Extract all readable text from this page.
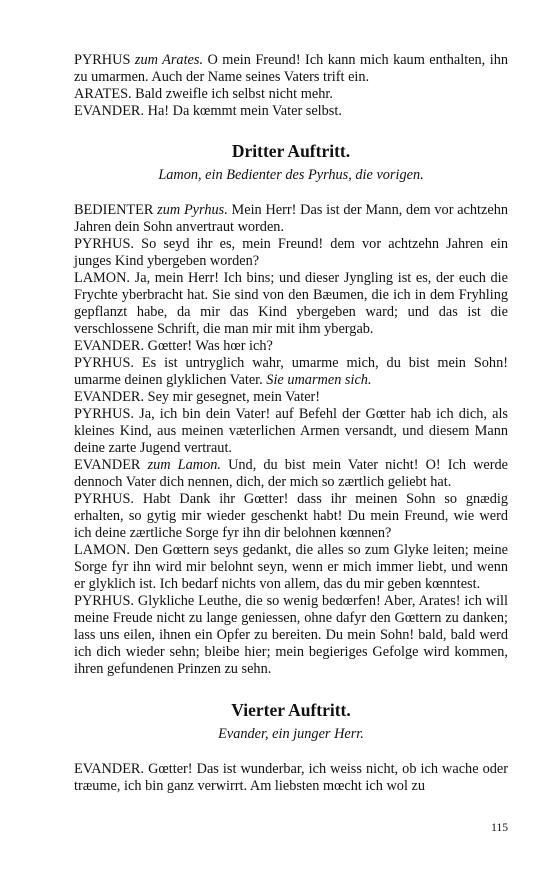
PYRHUS zum Arates. O mein Freund! Ich kann mich kaum enthalten, ihn zu umarmen. Auch der Name seines Vaters trift ein.

ARATES. Bald zweifle ich selbst nicht mehr.

EVANDER. Ha! Da kœmmt mein Vater selbst.

Dritter Auftritt.

Lamon, ein Bedienter des Pyrhus, die vorigen.

BEDIENTER zum Pyrhus. Mein Herr! Das ist der Mann, dem vor achtzehn Jahren dein Sohn anvertraut worden.

PYRHUS. So seyd ihr es, mein Freund! dem vor achtzehn Jahren ein junges Kind ybergeben worden?

LAMON. Ja, mein Herr! Ich bins; und dieser Jyngling ist es, der euch die Frychte yberbracht hat. Sie sind von den Bæumen, die ich in dem Fryhling gepflanzt habe, da mir das Kind ybergeben ward; und das ist die verschlossene Schrift, die man mir mit ihm ybergab.

EVANDER. Gœtter! Was hœr ich?

PYRHUS. Es ist untryglich wahr, umarme mich, du bist mein Sohn! umarme deinen glyklichen Vater. Sie umarmen sich.

EVANDER. Sey mir gesegnet, mein Vater!

PYRHUS. Ja, ich bin dein Vater! auf Befehl der Gœtter hab ich dich, als kleines Kind, aus meinen væterlichen Armen versandt, und diesem Mann deine zarte Jugend vertraut.

EVANDER zum Lamon. Und, du bist mein Vater nicht! O! Ich werde dennoch Vater dich nennen, dich, der mich so zærtlich geliebt hat.

PYRHUS. Habt Dank ihr Gœtter! dass ihr meinen Sohn so gnædig erhalten, so gytig mir wieder geschenkt habt! Du mein Freund, wie werd ich deine zærtliche Sorge fyr ihn dir belohnen kœnnen?

LAMON. Den Gœttern seys gedankt, die alles so zum Glyke leiten; meine Sorge fyr ihn wird mir belohnt seyn, wenn er mich immer liebt, und wenn er glyklich ist. Ich bedarf nichts von allem, das du mir geben kœnntest.

PYRHUS. Glykliche Leuthe, die so wenig bedœrfen! Aber, Arates! ich will meine Freude nicht zu lange geniessen, ohne dafyr den Gœttern zu danken; lass uns eilen, ihnen ein Opfer zu bereiten. Du mein Sohn! bald, bald werd ich dich wieder sehn; bleibe hier; mein begieriges Gefolge wird kommen, ihren gefundenen Prinzen zu sehn.

Vierter Auftritt.

Evander, ein junger Herr.

EVANDER. Gœtter! Das ist wunderbar, ich weiss nicht, ob ich wache oder træume, ich bin ganz verwirrt. Am liebsten mœcht ich wol zu

115
